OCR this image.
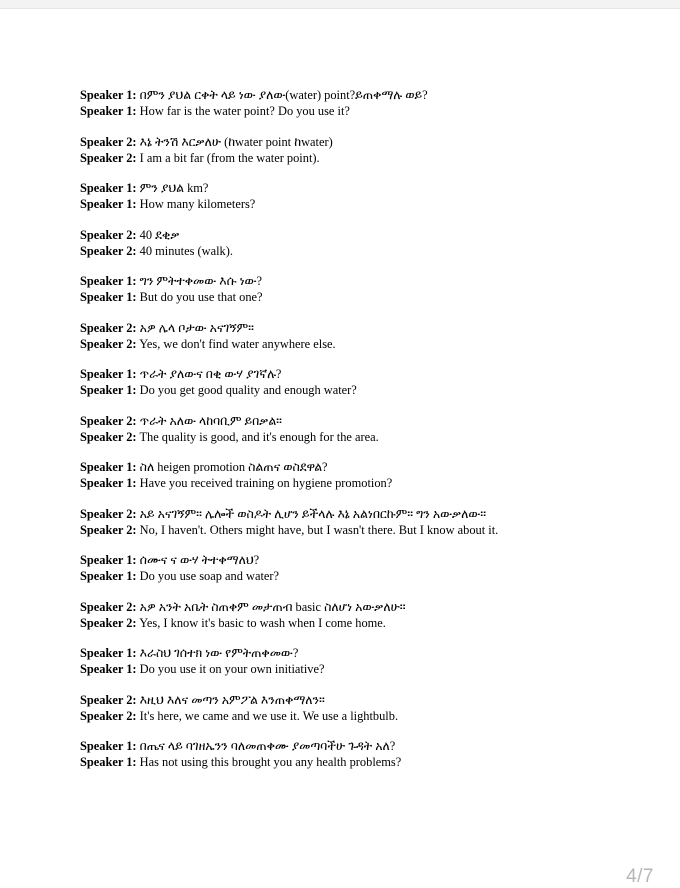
Speaker 1: በምን ያህል ርቀት ላይ ነው ያለው(water) point?ይጠቀማሉ ወይ?
Speaker 1: How far is the water point? Do you use it?
Speaker 2: እኔ ትንሽ እርቃለሁ (ከwater point ከwater)
Speaker 2: I am a bit far (from the water point).
Speaker 1: ምን ያህል km?
Speaker 1: How many kilometers?
Speaker 2: 40 ደቂቃ
Speaker 2: 40 minutes (walk).
Speaker 1: ግን ምትተቀመው እሱ ነው?
Speaker 1: But do you use that one?
Speaker 2: አዎ ሌላ ቦታው አናገኝም።
Speaker 2: Yes, we don't find water anywhere else.
Speaker 1: ጥራት ያለውና በቂ ውሃ ያገኛሉ?
Speaker 1: Do you get good quality and enough water?
Speaker 2: ጥራት አለው ላከባቢም ይበቃል።
Speaker 2: The quality is good, and it's enough for the area.
Speaker 1: ስለ heigen promotion ስልጠና ወስደዋል?
Speaker 1: Have you received training on hygiene promotion?
Speaker 2: አይ አናገኝም። ሌሎች ወስዶት ሊሆን ይችላሉ እኔ አልነበርኩም። ግን አውቃለው።
Speaker 2: No, I haven't. Others might have, but I wasn't there. But I know about it.
Speaker 1: ሰሙና ና ውሃ ትተቀማለህ?
Speaker 1: Do you use soap and water?
Speaker 2: አዎ አንት አቤት ስጠቀም መታጠብ basic ስለሆነ አውቃለሁ።
Speaker 2: Yes, I know it's basic to wash when I come home.
Speaker 1: እራስህ ገሰተክ ነው የምትጠቀመው?
Speaker 1: Do you use it on your own initiative?
Speaker 2: እዚህ እለና መጣን አምፖል እንጠቀማለን።
Speaker 2: It's here, we came and we use it. We use a lightbulb.
Speaker 1: በጤና ላይ ባገዘኤንን ባለመጠቀሙ ያመጣባችሁ ጉዳት አለ?
Speaker 1: Has not using this brought you any health problems?
4/7
